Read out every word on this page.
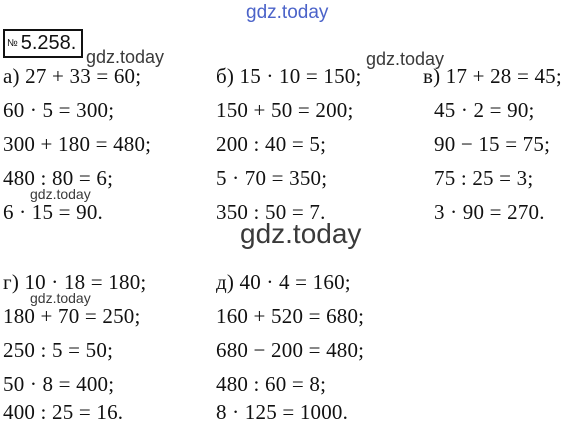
gdz.today
№ 5.258.
gdz.today	gdz.today
gdz.today
gdz.today
gdz.today
а) 27 + 33 = 60;
60 · 5 = 300;
300 + 180 = 480;
480 : 80 = 6;
6 · 15 = 90.
б) 15 · 10 = 150;
150 + 50 = 200;
200 : 40 = 5;
5 · 70 = 350;
350 : 50 = 7.
в) 17 + 28 = 45;
45 · 2 = 90;
90 − 15 = 75;
75 : 25 = 3;
3 · 90 = 270.
г) 10 · 18 = 180;
180 + 70 = 250;
250 : 5 = 50;
50 · 8 = 400;
400 : 25 = 16.
д) 40 · 4 = 160;
160 + 520 = 680;
680 − 200 = 480;
480 : 60 = 8;
8 · 125 = 1000.
